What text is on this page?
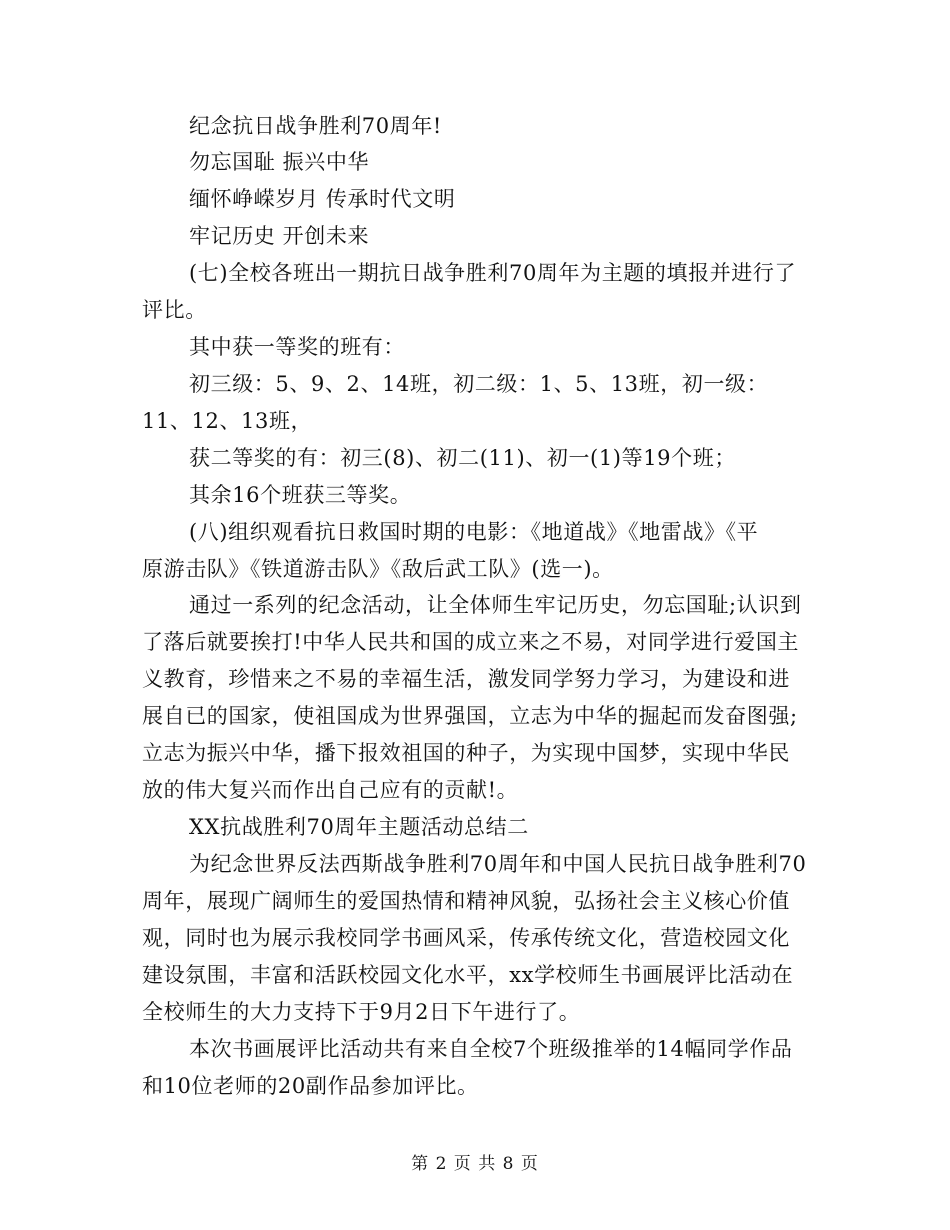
纪念抗日战争胜利70周年!
勿忘国耻 振兴中华
缅怀峥嵘岁月 传承时代文明
牢记历史 开创未来
(七)全校各班出一期抗日战争胜利70周年为主题的填报并进行了
评比。
其中获一等奖的班有：
初三级：5、9、2、14班，初二级：1、5、13班，初一级：
11、12、13班，
获二等奖的有：初三(8)、初二(11)、初一(1)等19个班；
其余16个班获三等奖。
(八)组织观看抗日救国时期的电影：《地道战》《地雷战》《平
原游击队》《铁道游击队》《敌后武工队》(选一)。
通过一系列的纪念活动，让全体师生牢记历史，勿忘国耻;认识到
了落后就要挨打!中华人民共和国的成立来之不易，对同学进行爱国主
义教育，珍惜来之不易的幸福生活，激发同学努力学习，为建设和进
展自已的国家，使祖国成为世界强国，立志为中华的掘起而发奋图强;
立志为振兴中华，播下报效祖国的种子，为实现中国梦，实现中华民
放的伟大复兴而作出自己应有的贡献!。
XX抗战胜利70周年主题活动总结二
为纪念世界反法西斯战争胜利70周年和中国人民抗日战争胜利70
周年，展现广阔师生的爱国热情和精神风貌，弘扬社会主义核心价值
观，同时也为展示我校同学书画风采，传承传统文化，营造校园文化
建设氛围，丰富和活跃校园文化水平，xx学校师生书画展评比活动在
全校师生的大力支持下于9月2日下午进行了。
本次书画展评比活动共有来自全校7个班级推举的14幅同学作品
和10位老师的20副作品参加评比。
第 2 页 共 8 页
